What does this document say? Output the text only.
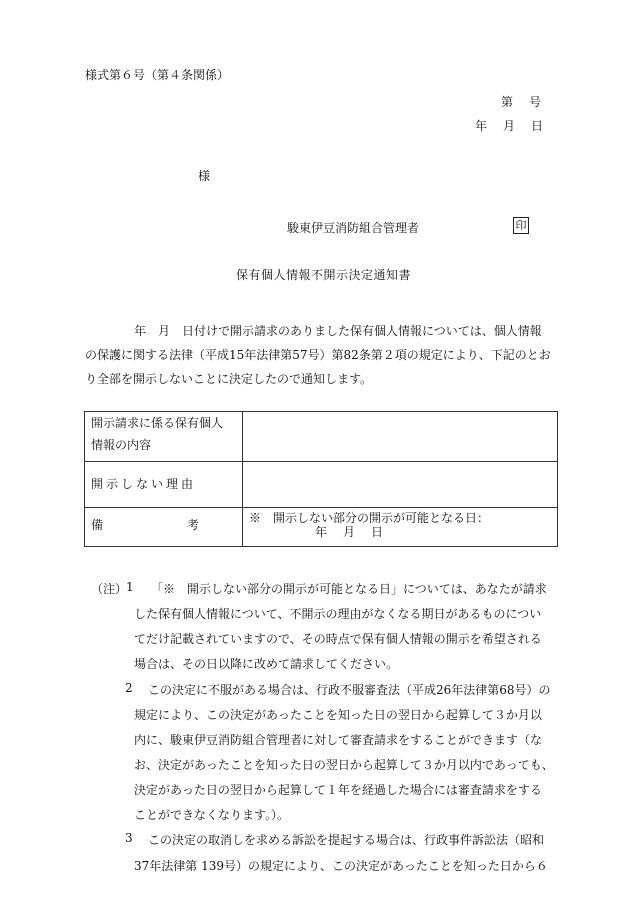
様式第６号（第４条関係）
第　号
年　月　日
様
駿東伊豆消防組合管理者	印
保有個人情報不開示決定通知書
年　月　日付けで開示請求のありました保有個人情報については、個人情報
の保護に関する法律（平成15年法律第57号）第82条第２項の規定により、下記のとお
り全部を開示しないことに決定したので通知します。
開示請求に係る保有個人
情報の内容	

開示しない理由	
備 考	※　開示しない部分の開示が可能となる日：
年　月　日
（注）
1 「※　開示しない部分の開示が可能となる日」については、あなたが請求
した保有個人情報について、不開示の理由がなくなる期日があるものについ
てだけ記載されていますので、その時点で保有個人情報の開示を希望される
場合は、その日以降に改めて請求してください。
2 この決定に不服がある場合は、行政不服審査法（平成26年法律第68号）の
規定により、この決定があったことを知った日の翌日から起算して３か月以
内に、駿東伊豆消防組合管理者に対して審査請求をすることができます（な
お、決定があったことを知った日の翌日から起算して３か月以内であっても、
決定があった日の翌日から起算して１年を経過した場合には審査請求をする
ことができなくなります。）。
3 この決定の取消しを求める訴訟を提起する場合は、行政事件訴訟法（昭和
37年法律第 139号）の規定により、この決定があったことを知った日から６
